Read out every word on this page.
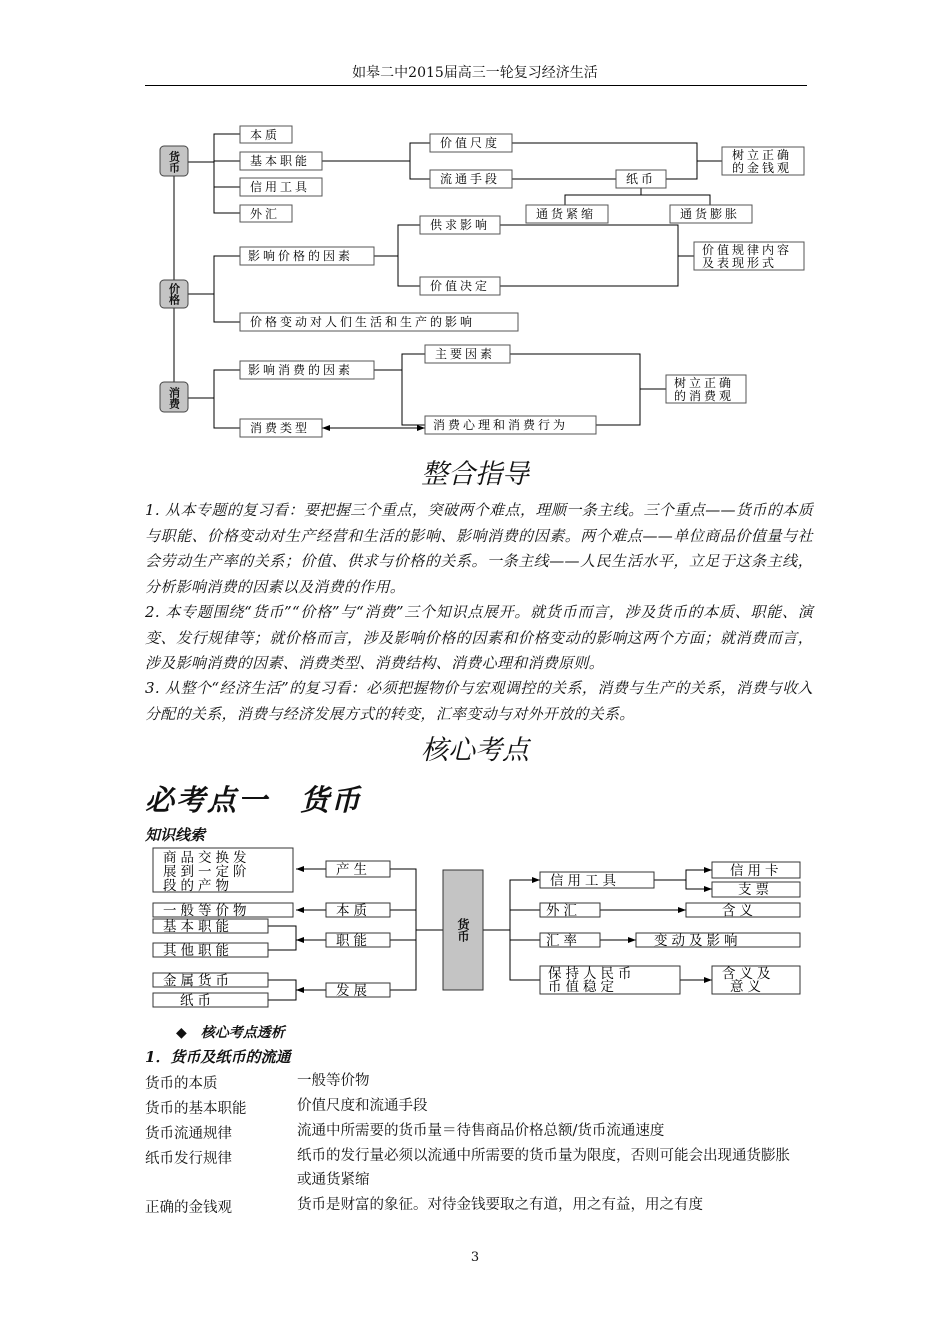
如皋二中2015届高三一轮复习经济生活
本质
基本职能
信用工具
外汇
价值尺度
流通手段	纸币
树立正确
的金钱观
通货紧缩	通货膨胀
影响价格的因素
供求影响
价值决定
价值规律内容
及表现形式
价格变动对人们生活和生产的影响
影响消费的因素
主要因素
树立正确
的消费观
消费类型	消费心理和消费行为
货币
价格
消费
整合指导
1. 从本专题的复习看：要把握三个重点，突破两个难点，理顺一条主线。三个重点——货币的本质与职能、价格变动对生产经营和生活的影响、影响消费的因素。两个难点——单位商品价值量与社会劳动生产率的关系；价值、供求与价格的关系。一条主线——人民生活水平，立足于这条主线，分析影响消费的因素以及消费的作用。
2. 本专题围绕“货币”“价格”与“消费”三个知识点展开。就货币而言，涉及货币的本质、职能、演变、发行规律等；就价格而言，涉及影响价格的因素和价格变动的影响这两个方面；就消费而言，涉及影响消费的因素、消费类型、消费结构、消费心理和消费原则。
3. 从整个“经济生活”的复习看：必须把握物价与宏观调控的关系，消费与生产的关系，消费与收入分配的关系，消费与经济发展方式的转变，汇率变动与对外开放的关系。
核心考点
必考点一　货币
知识线索
商品交换发
展到一定阶
段的产物
产生
一般等价物	本质
基本职能
其他职能
职能
金属货币
纸币
发展
信用工具
信用卡
支票
外汇	含义
汇率	变动及影响
保持人民币
币值稳定
含义及
意义
货币
◆　核心考点透析
1．货币及纸币的流通
货币的本质	一般等价物
货币的基本职能	价值尺度和流通手段
货币流通规律	流通中所需要的货币量＝待售商品价格总额/货币流通速度
纸币发行规律	纸币的发行量必须以流通中所需要的货币量为限度，否则可能会出现通货膨胀或通货紧缩
正确的金钱观	货币是财富的象征。对待金钱要取之有道，用之有益，用之有度
3
